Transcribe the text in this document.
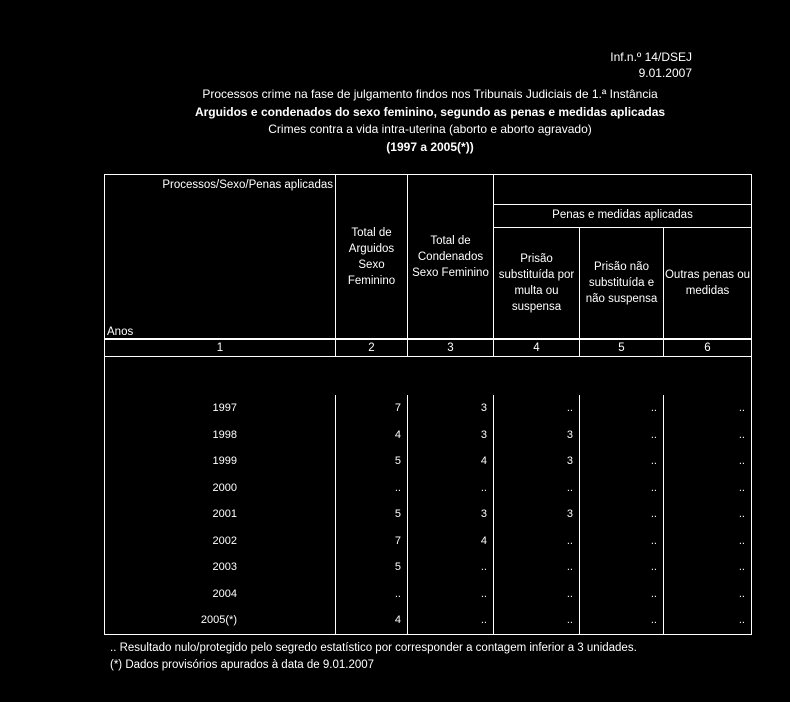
Inf.n.º 14/DSEJ
9.01.2007
Processos crime na fase de julgamento findos nos Tribunais Judiciais de 1.ª Instância
Arguidos e condenados do sexo feminino, segundo as penas e medidas aplicadas
Crimes contra a vida intra-uterina (aborto e aborto agravado)
(1997 a 2005(*))
Processos/Sexo/Penas aplicadas
Anos	Total de Arguidos Sexo Feminino	Total de Condenados Sexo Feminino	Penas e medidas aplicadas		

			Prisão substituída por multa ou suspensa	Prisão não substituída e não suspensa	Outras penas ou medidas
1	2	3	4	5	6

1997	7	3	..	..	..
1998	4	3	3	..	..
1999	5	4	3	..	..
2000	..	..	..	..	..
2001	5	3	3	..	..
2002	7	4	..	..	..
2003	5	..	..	..	..
2004	..	..	..	..	..
2005(*)	4	..	..	..	..
.. Resultado nulo/protegido pelo segredo estatístico por corresponder a contagem inferior a 3 unidades.
(*) Dados provisórios apurados à data de 9.01.2007
